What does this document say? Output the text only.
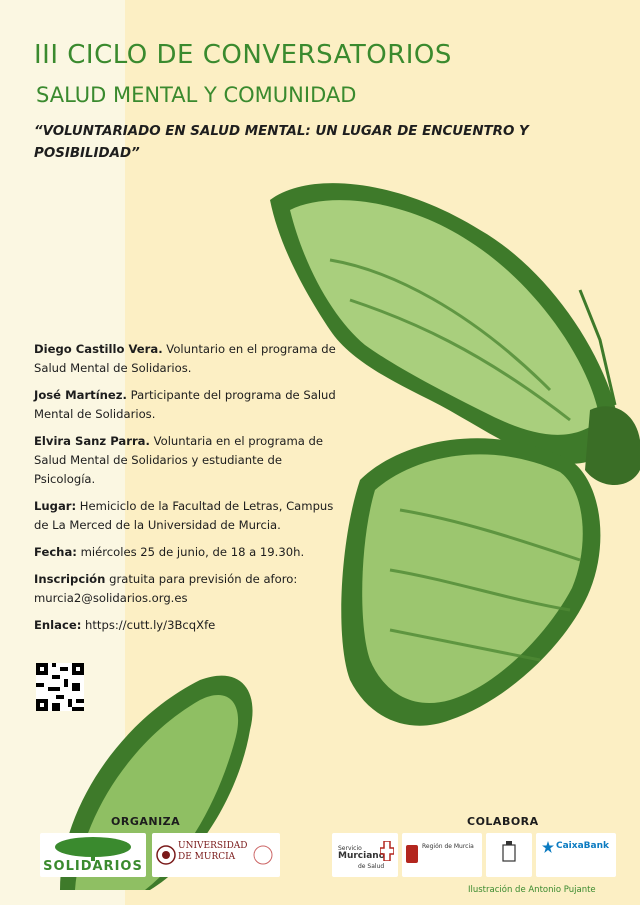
III CICLO DE CONVERSATORIOS
SALUD MENTAL Y COMUNIDAD
“VOLUNTARIADO EN SALUD MENTAL: UN LUGAR DE ENCUENTRO Y POSIBILIDAD”

Diego Castillo Vera. Voluntario en el programa de Salud Mental de Solidarios.

José Martínez. Participante del programa de Salud Mental de Solidarios.

Elvira Sanz Parra. Voluntaria en el programa de Salud Mental de Solidarios y estudiante de Psicología.

Lugar: Hemiciclo de la Facultad de Letras, Campus de La Merced de la Universidad de Murcia.

Fecha: miércoles 25 de junio, de 18 a 19.30h.

Inscripción gratuita para previsión de aforo:
murcia2@solidarios.org.es

Enlace: https://cutt.ly/3BcqXfe

ORGANIZA	COLABORA
SOLIDARIOS
UNIVERSIDAD
DE MURCIA
Servicio
Murciano
de Salud
Región de Murcia	CaixaBank
Ilustración de Antonio Pujante
